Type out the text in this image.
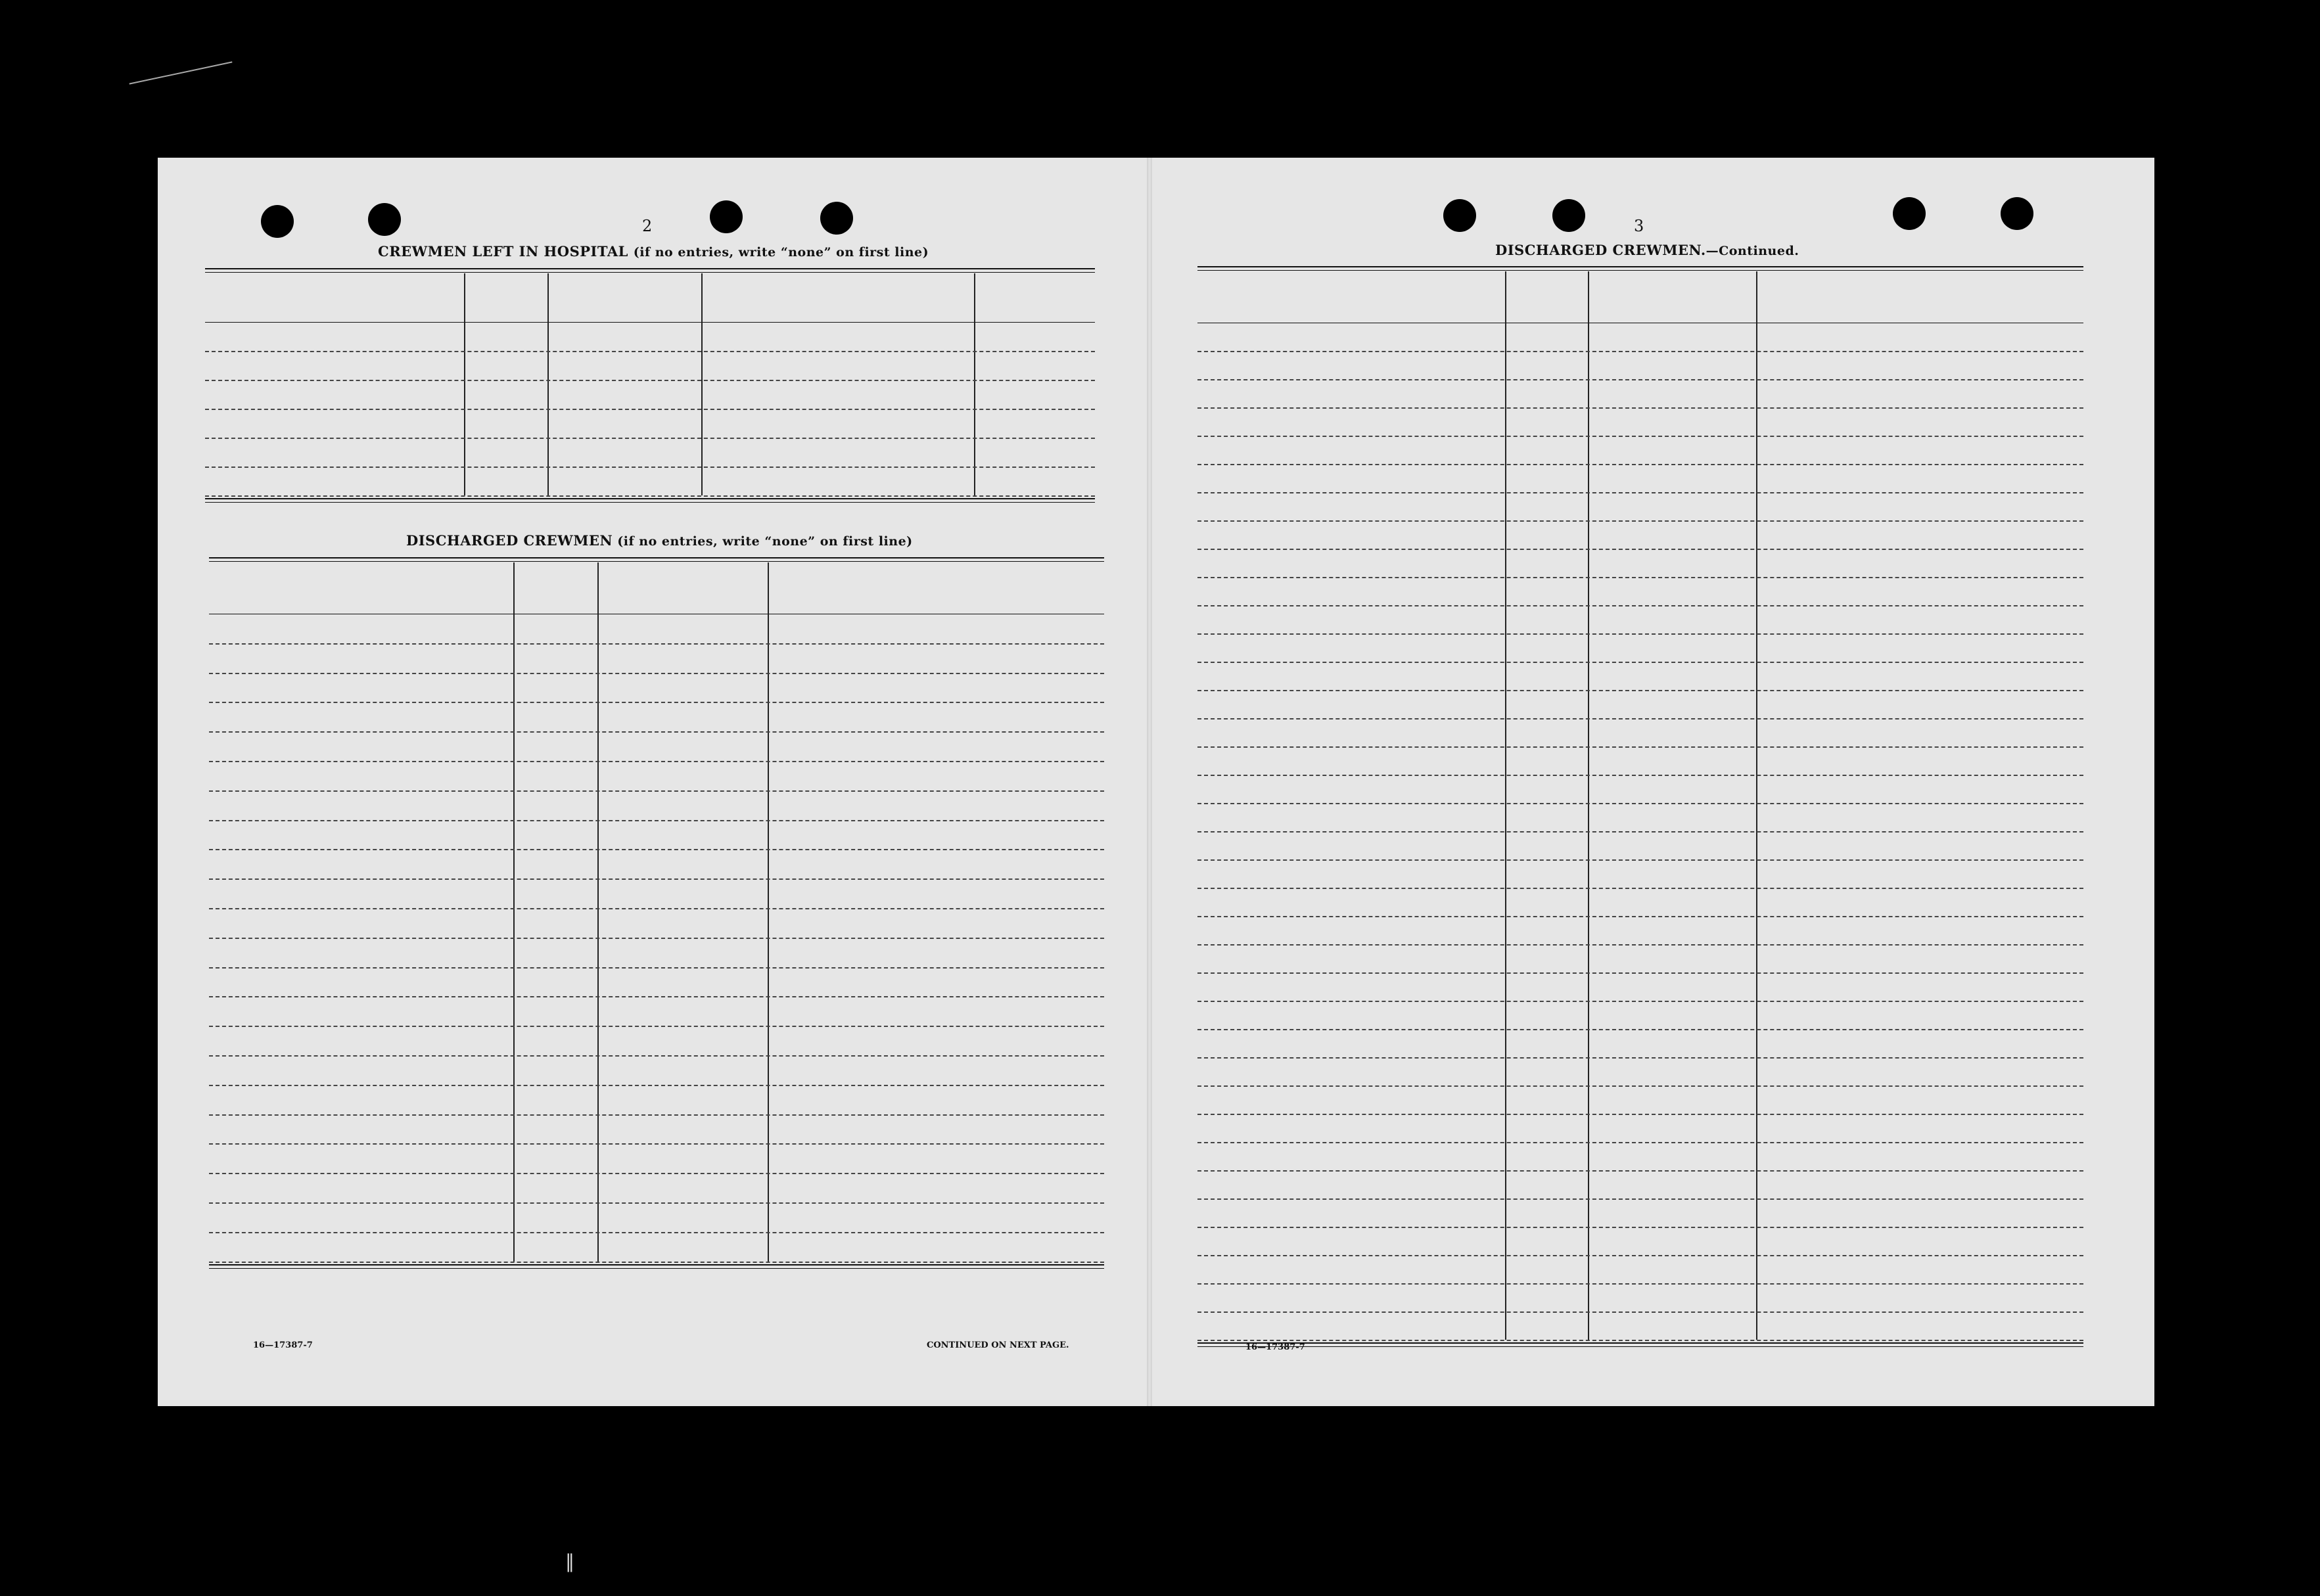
2
CREWMEN LEFT IN HOSPITAL (if no entries, write “none” on first line)
DISCHARGED CREWMEN (if no entries, write “none” on first line)
16—17387-7	CONTINUED ON NEXT PAGE.
3
DISCHARGED CREWMEN.—Continued.
16—17387-7
‖
